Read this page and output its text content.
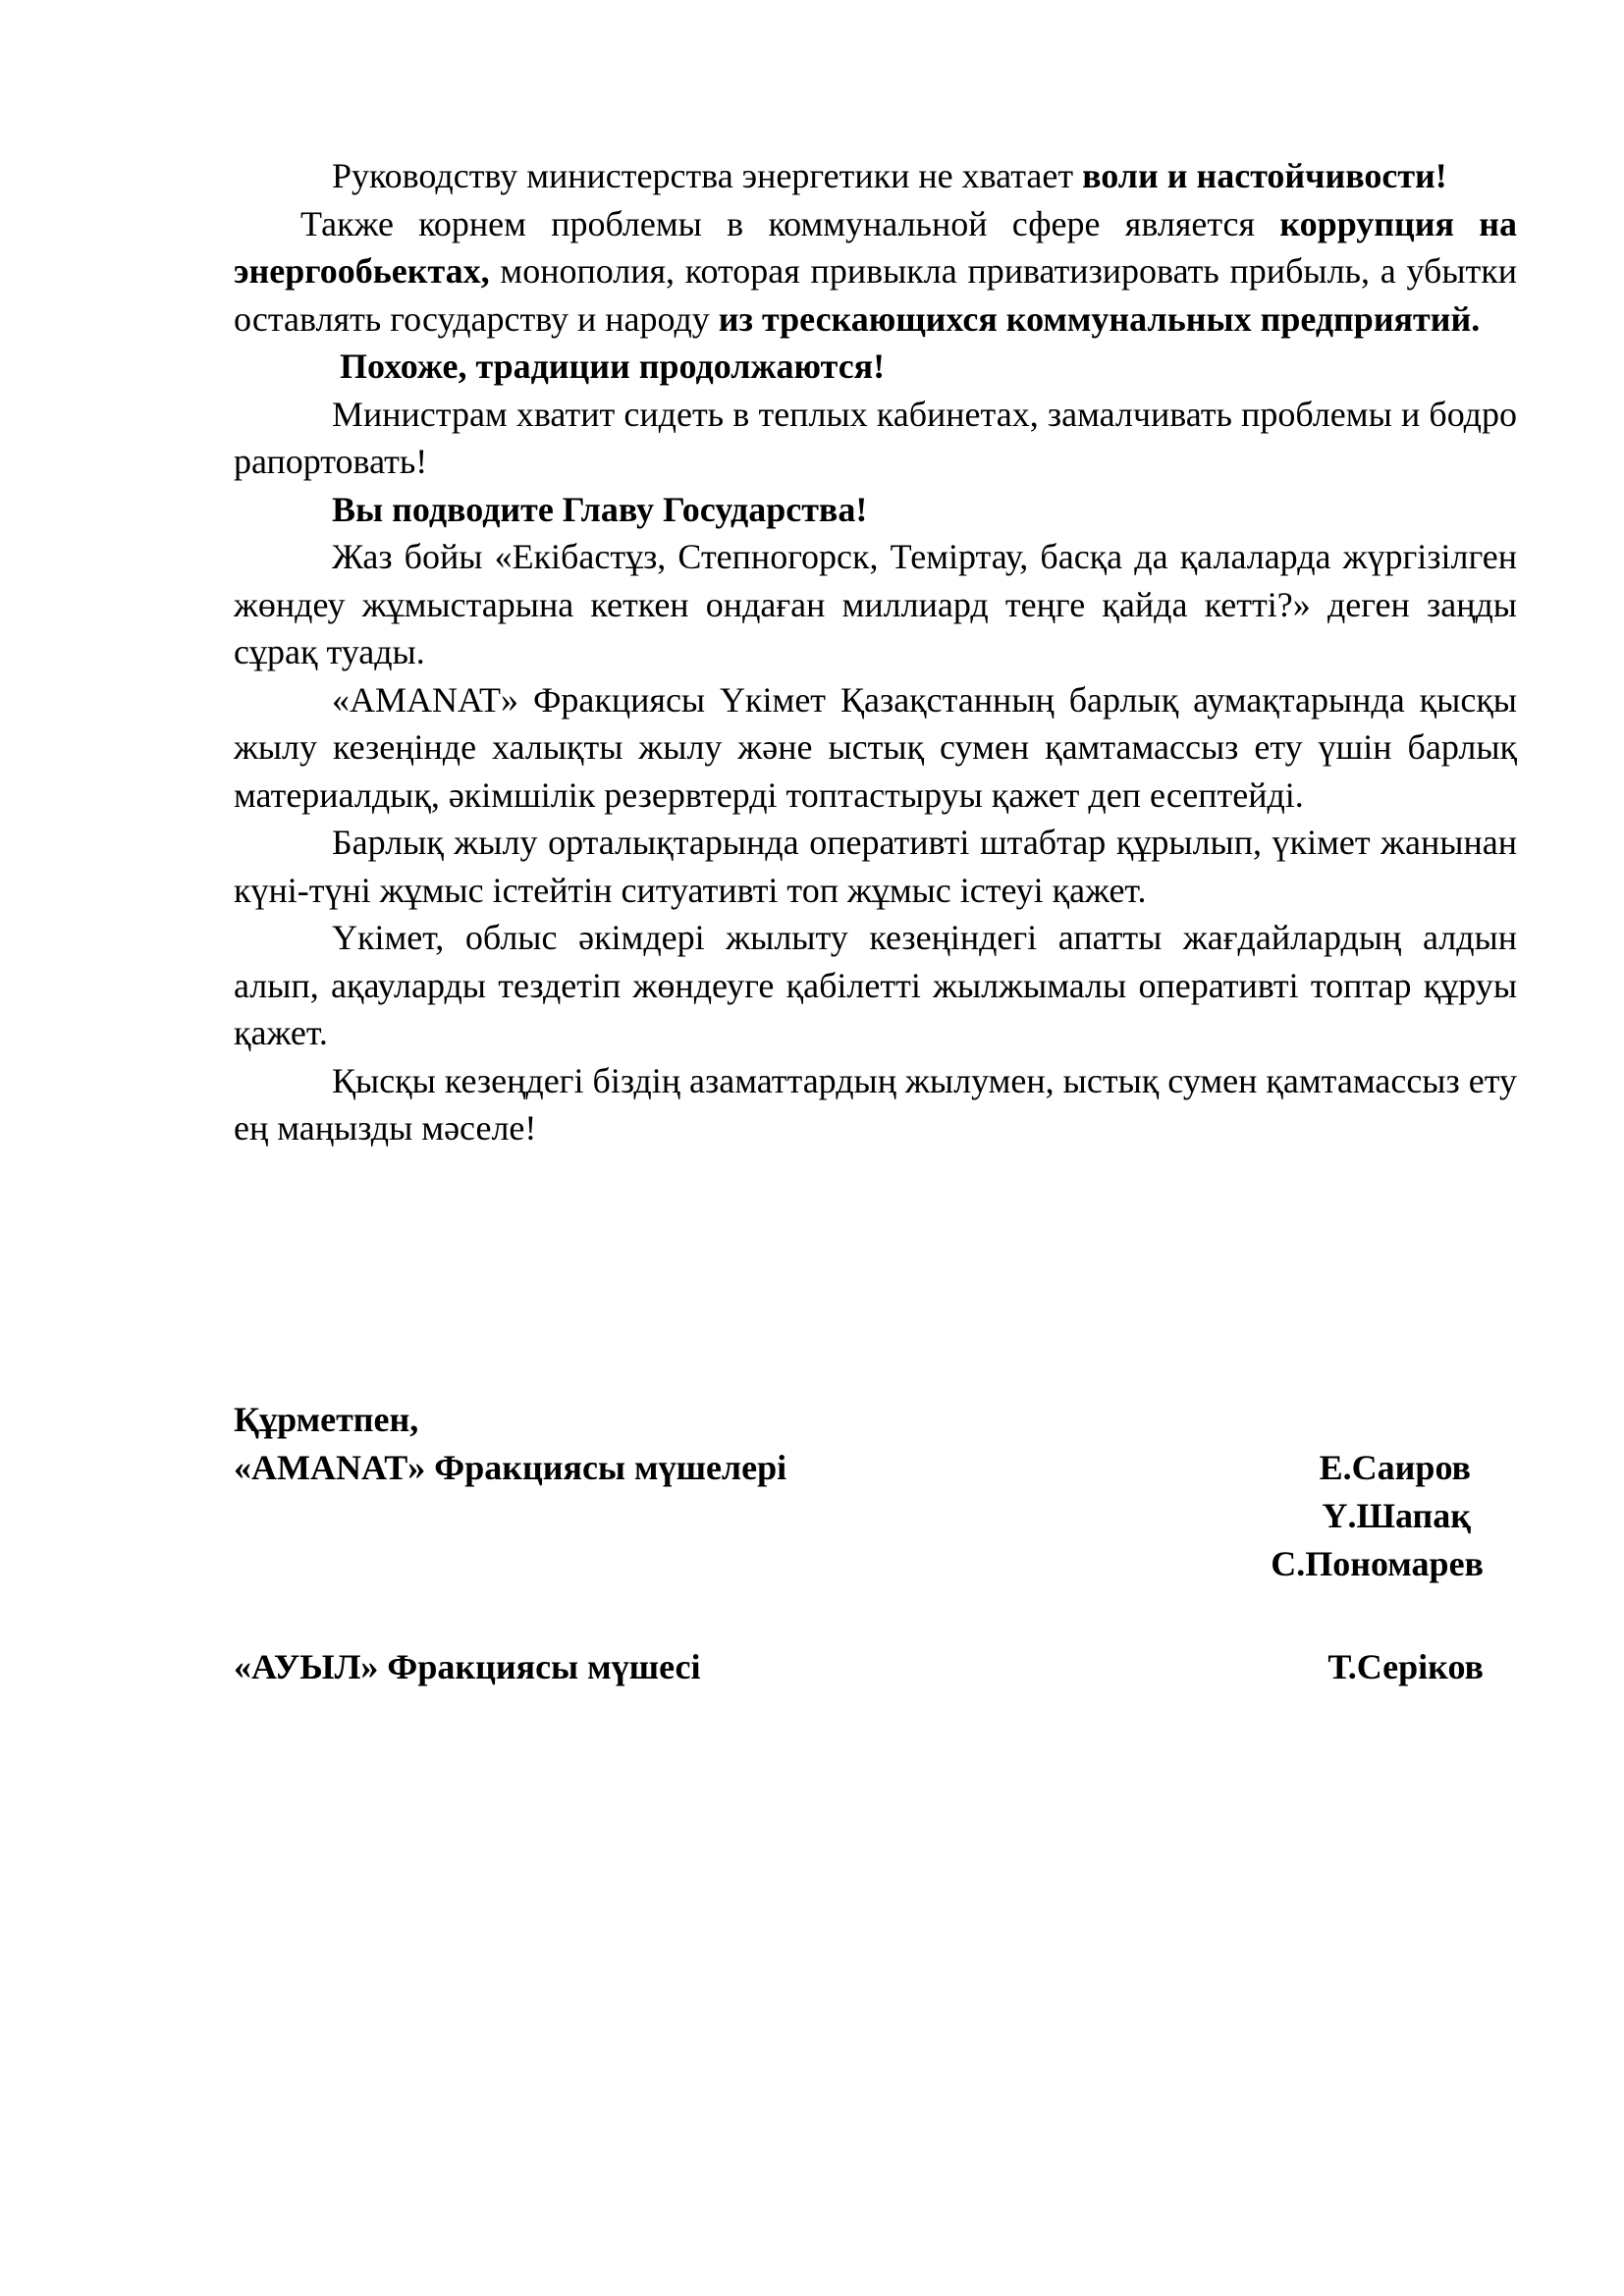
Руководству министерства энергетики не хватает воли и настойчивости!

Также корнем проблемы в коммунальной сфере является коррупция на энергообьектах, монополия, которая привыкла приватизировать прибыль, а убытки оставлять государству и народу из трескающихся коммунальных предприятий.

Похоже, традиции продолжаются!

Министрам хватит сидеть в теплых кабинетах, замалчивать проблемы и бодро рапортовать!

Вы подводите Главу Государства!

Жаз бойы «Екібастұз, Степногорск, Теміртау, басқа да қалаларда жүргізілген жөндеу жұмыстарына кеткен ондаған миллиард теңге қайда кетті?» деген заңды сұрақ туады.

«AMANAT» Фракциясы Үкімет Қазақстанның барлық аумақтарында қысқы жылу кезеңінде халықты жылу және ыстық сумен қамтамассыз ету үшін барлық материалдық, әкімшілік резервтерді топтастыруы қажет деп есептейді.

Барлық жылу орталықтарында оперативті штабтар құрылып, үкімет жанынан күні-түні жұмыс істейтін ситуативті топ жұмыс істеуі қажет.

Үкімет, облыс әкімдері жылыту кезеңіндегі апатты жағдайлардың алдын алып, ақауларды тездетіп жөндеуге қабілетті жылжымалы оперативті топтар құруы қажет.

Қысқы кезеңдегі біздің азаматтардың жылумен, ыстық сумен қамтамассыз ету ең маңызды мәселе!

Құрметпен,
«AMANAT» Фракциясы мүшелері	Е.Саиров
Ү.Шапақ
С.Пономарев
«АУЫЛ» Фракциясы мүшесі	Т.Серіков
